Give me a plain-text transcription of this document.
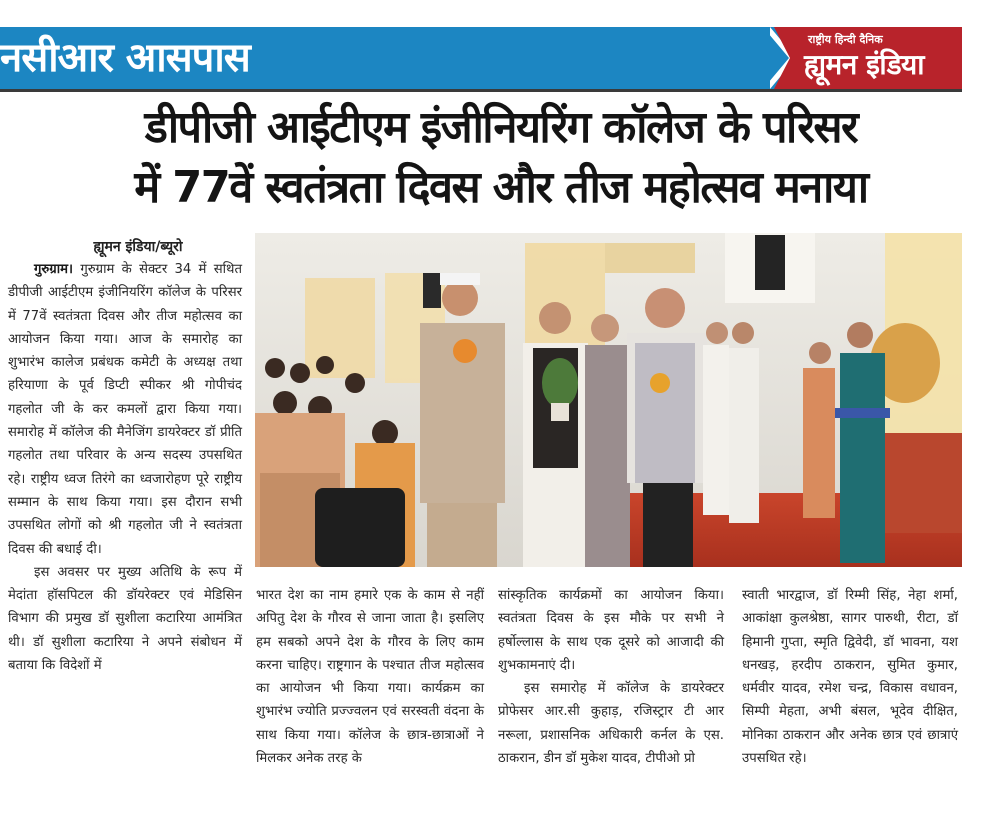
नसीआर आसपास	राष्ट्रीय हिन्दी दैनिक
ह्यूमन इंडिया
डीपीजी आईटीएम इंजीनियरिंग कॉलेज के परिसर
में 77वें स्वतंत्रता दिवस और तीज महोत्सव मनाया
ह्यूमन इंडिया/ब्यूरो

गुरुग्राम। गुरुग्राम के सेक्टर 34 में सथित डीपीजी आईटीएम इंजीनियरिंग कॉलेज के परिसर में 77वें स्वतंत्रता दिवस और तीज महोत्सव का आयोजन किया गया। आज के समारोह का शुभारंभ कालेज प्रबंधक कमेटी के अध्यक्ष तथा हरियाणा के पूर्व डिप्टी स्पीकर श्री गोपीचंद गहलोत जी के कर कमलों द्वारा किया गया। समारोह में कॉलेज की मैनेजिंग डायरेक्टर डॉ प्रीति गहलोत तथा परिवार के अन्य सदस्य उपसथित रहे। राष्ट्रीय ध्वज तिरंगे का ध्वजारोहण पूरे राष्ट्रीय सम्मान के साथ किया गया। इस दौरान सभी उपसथित लोगों को श्री गहलोत जी ने स्वतंत्रता दिवस की बधाई दी।

इस अवसर पर मुख्य अतिथि के रूप में मेदांता हॉसपिटल की डॉयरेक्टर एवं मेडिसिन विभाग की प्रमुख डॉ सुशीला कटारिया आमंत्रित थी। डॉ सुशीला कटारिया ने अपने संबोधन में बताया कि विदेशों में

भारत देश का नाम हमारे एक के काम से नहीं अपितु देश के गौरव से जाना जाता है। इसलिए हम सबको अपने देश के गौरव के लिए काम करना चाहिए। राष्ट्रगान के पश्चात तीज महोत्सव का आयोजन भी किया गया। कार्यक्रम का शुभारंभ ज्योति प्रज्ज्वलन एवं सरस्वती वंदना के साथ किया गया। कॉलेज के छात्र-छात्राओं ने मिलकर अनेक तरह के

सांस्कृतिक कार्यक्रमों का आयोजन किया। स्वतंत्रता दिवस के इस मौके पर सभी ने हर्षोल्लास के साथ एक दूसरे को आजादी की शुभकामनाएं दी।

इस समारोह में कॉलेज के डायरेक्टर प्रोफेसर आर.सी कुहाड़, रजिस्ट्रार टी आर नरूला, प्रशासनिक अधिकारी कर्नल के एस. ठाकरान, डीन डॉ मुकेश यादव, टीपीओ प्रो

स्वाती भारद्वाज, डॉ रिम्मी सिंह, नेहा शर्मा, आकांक्षा कुलश्रेष्ठा, सागर पारुथी, रीटा, डॉ हिमानी गुप्ता, स्मृति द्विवेदी, डॉ भावना, यश धनखड़, हरदीप ठाकरान, सुमित कुमार, धर्मवीर यादव, रमेश चन्द्र, विकास वधावन, सिम्पी मेहता, अभी बंसल, भूदेव दीक्षित, मोनिका ठाकरान और अनेक छात्र एवं छात्राएं उपसथित रहे।
